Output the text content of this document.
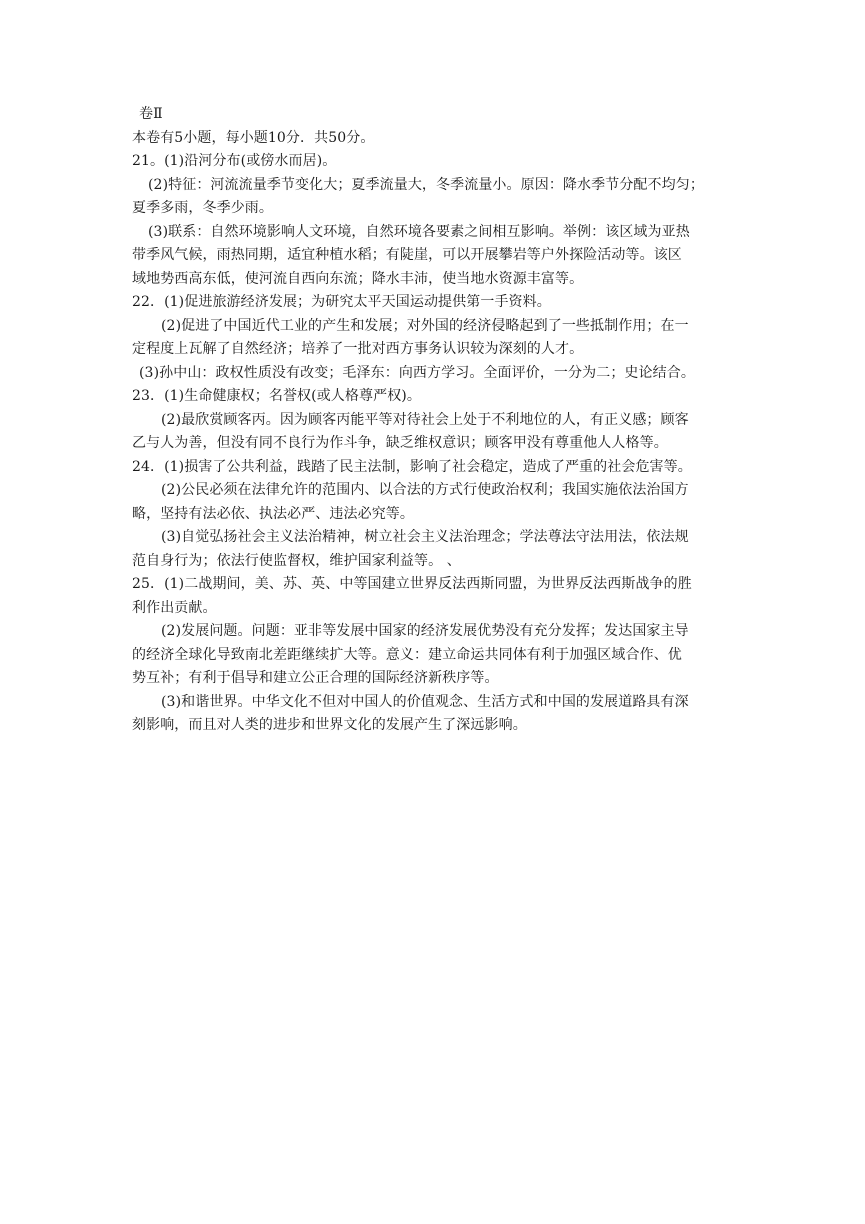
卷Ⅱ
本卷有5小题，每小题10分．共50分。
21。(1)沿河分布(或傍水而居)。
(2)特征：河流流量季节变化大；夏季流量大，冬季流量小。原因：降水季节分配不均匀；
夏季多雨，冬季少雨。
(3)联系：自然环境影响人文环境，自然环境各要素之间相互影响。举例：该区域为亚热
带季风气候，雨热同期，适宜种植水稻；有陡崖，可以开展攀岩等户外探险活动等。该区
域地势西高东低，使河流自西向东流；降水丰沛，使当地水资源丰富等。
22．(1)促进旅游经济发展；为研究太平天国运动提供第一手资料。
(2)促进了中国近代工业的产生和发展；对外国的经济侵略起到了一些抵制作用；在一
定程度上瓦解了自然经济；培养了一批对西方事务认识较为深刻的人才。
(3)孙中山：政权性质没有改变；毛泽东：向西方学习。全面评价，一分为二；史论结合。
23．(1)生命健康权；名誉权(或人格尊严权)。
(2)最欣赏顾客丙。因为顾客丙能平等对待社会上处于不利地位的人，有正义感；顾客
乙与人为善，但没有同不良行为作斗争，缺乏维权意识；顾客甲没有尊重他人人格等。
24．(1)损害了公共利益，践踏了民主法制，影响了社会稳定，造成了严重的社会危害等。
(2)公民必须在法律允许的范围内、以合法的方式行使政治权利；我国实施依法治国方
略，坚持有法必依、执法必严、违法必究等。
(3)自觉弘扬社会主义法治精神，树立社会主义法治理念；学法尊法守法用法，依法规
范自身行为；依法行使监督权，维护国家利益等。 、
25．(1)二战期间，美、苏、英、中等国建立世界反法西斯同盟，为世界反法西斯战争的胜
利作出贡献。
(2)发展问题。问题：亚非等发展中国家的经济发展优势没有充分发挥；发达国家主导
的经济全球化导致南北差距继续扩大等。意义：建立命运共同体有利于加强区域合作、优
势互补；有利于倡导和建立公正合理的国际经济新秩序等。
(3)和谐世界。中华文化不但对中国人的价值观念、生活方式和中国的发展道路具有深
刻影响，而且对人类的进步和世界文化的发展产生了深远影响。
